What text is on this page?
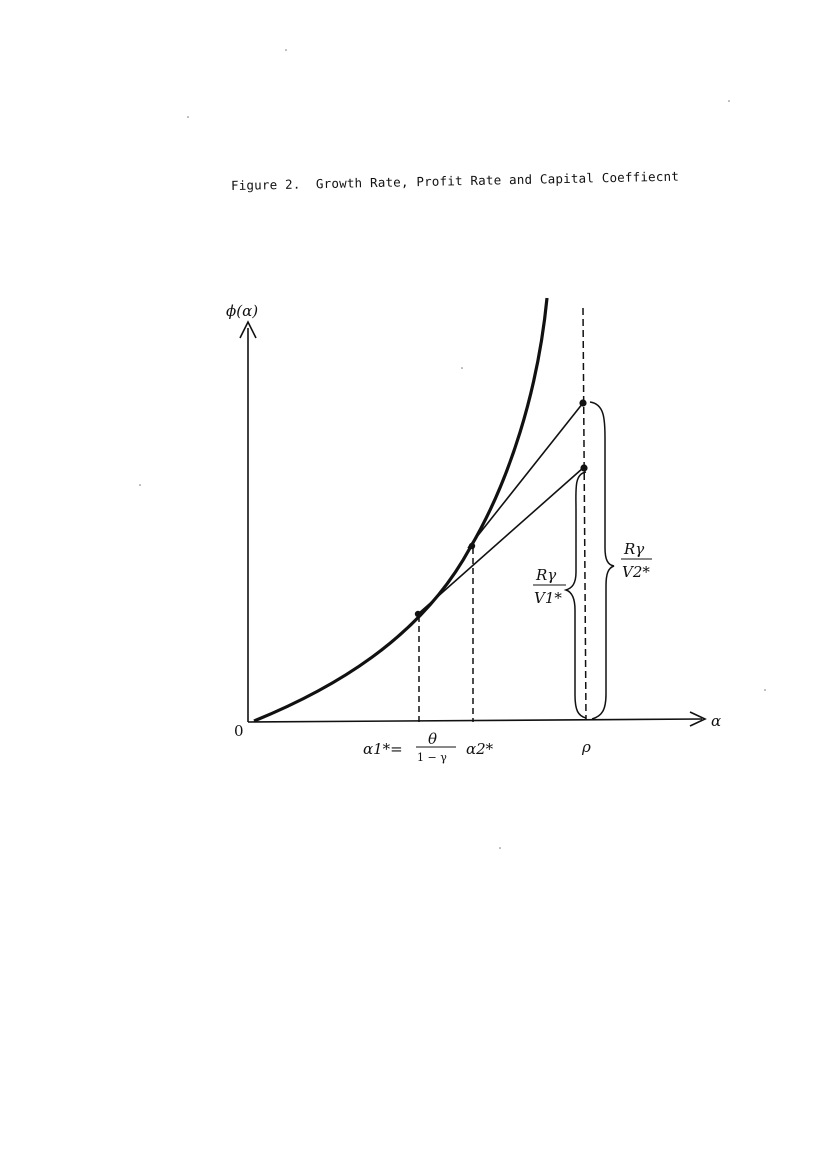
Figure 2.  Growth Rate, Profit Rate and Capital Coeffiecnt
ϕ(α)
α
0
α1*=
θ
1 − γ α2*	ρ
Rγ
V1*
Rγ
V2*
